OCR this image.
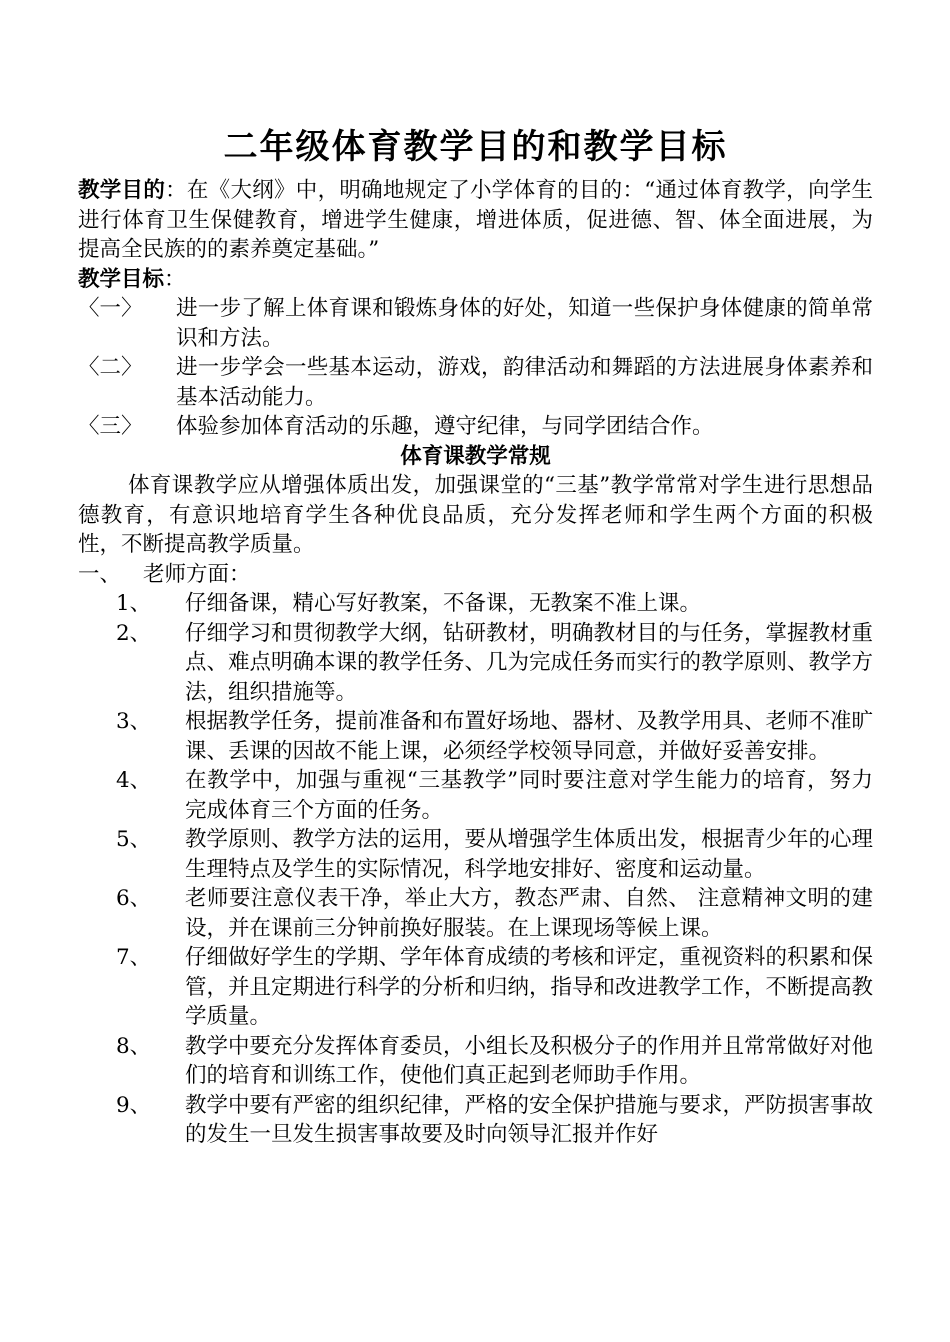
二年级体育教学目的和教学目标
教学目的：在《大纲》中，明确地规定了小学体育的目的：“通过体育教学，向学生进行体育卫生保健教育，增进学生健康，增进体质，促进德、智、体全面进展，为提高全民族的的素养奠定基础。”
教学目标：
〈一〉	进一步了解上体育课和锻炼身体的好处，知道一些保护身体健康的简单常识和方法。
〈二〉	进一步学会一些基本运动，游戏，韵律活动和舞蹈的方法进展身体素养和基本活动能力。
〈三〉	体验参加体育活动的乐趣，遵守纪律，与同学团结合作。
体育课教学常规
体育课教学应从增强体质出发，加强课堂的“三基”教学常常对学生进行思想品德教育，有意识地培育学生各种优良品质，充分发挥老师和学生两个方面的积极性，不断提高教学质量。
一、	老师方面：
1、	仔细备课，精心写好教案，不备课，无教案不准上课。
2、	仔细学习和贯彻教学大纲，钻研教材，明确教材目的与任务，掌握教材重点、难点明确本课的教学任务、几为完成任务而实行的教学原则、教学方法，组织措施等。
3、	根据教学任务，提前准备和布置好场地、器材、及教学用具、老师不准旷课、丢课的因故不能上课，必须经学校领导同意，并做好妥善安排。
4、	在教学中，加强与重视“三基教学”同时要注意对学生能力的培育，努力完成体育三个方面的任务。
5、	教学原则、教学方法的运用，要从增强学生体质出发，根据青少年的心理生理特点及学生的实际情况，科学地安排好、密度和运动量。
6、	老师要注意仪表干净，举止大方，教态严肃、自然、 注意精神文明的建设，并在课前三分钟前换好服装。在上课现场等候上课。
7、	仔细做好学生的学期、学年体育成绩的考核和评定，重视资料的积累和保管，并且定期进行科学的分析和归纳，指导和改进教学工作，不断提高教学质量。
8、	教学中要充分发挥体育委员，小组长及积极分子的作用并且常常做好对他们的培育和训练工作，使他们真正起到老师助手作用。
9、	教学中要有严密的组织纪律，严格的安全保护措施与要求，严防损害事故的发生一旦发生损害事故要及时向领导汇报并作好
